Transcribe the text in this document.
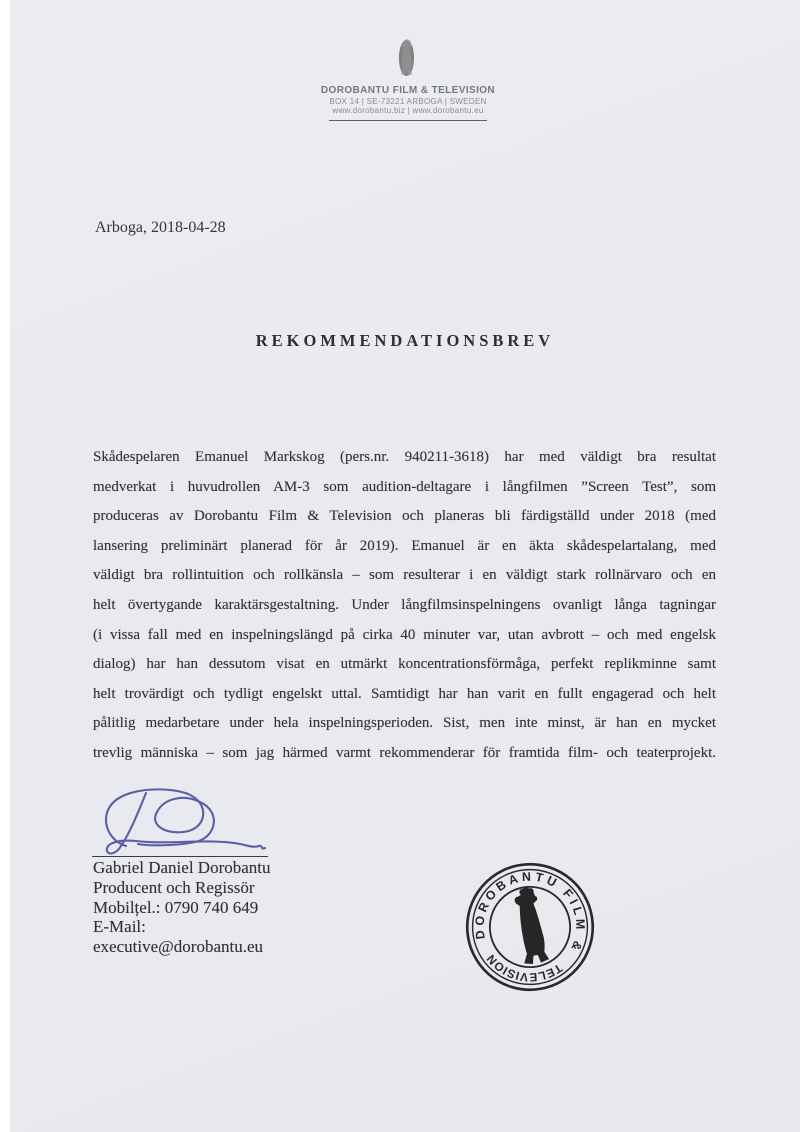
DOROBANTU FILM & TELEVISION
BOX 14 | SE-73221 ARBOGA | SWEDEN
www.dorobantu.biz | www.dorobantu.eu
Arboga, 2018-04-28
REKOMMENDATIONSBREV
Skådespelaren Emanuel Markskog (pers.nr. 940211-3618) har med väldigt bra resultat
medverkat i huvudrollen AM-3 som audition-deltagare i långfilmen ”Screen Test”, som
produceras av Dorobantu Film & Television och planeras bli färdigställd under 2018 (med
lansering preliminärt planerad för år 2019). Emanuel är en äkta skådespelartalang, med
väldigt bra rollintuition och rollkänsla – som resulterar i en väldigt stark rollnärvaro och en
helt övertygande karaktärsgestaltning. Under långfilmsinspelningens ovanligt långa tagningar
(i vissa fall med en inspelningslängd på cirka 40 minuter var, utan avbrott – och med engelsk
dialog) har han dessutom visat en utmärkt koncentrationsförmåga, perfekt replikminne samt
helt trovärdigt och tydligt engelskt uttal. Samtidigt har han varit en fullt engagerad och helt
pålitlig medarbetare under hela inspelningsperioden. Sist, men inte minst, är han en mycket
trevlig människa – som jag härmed varmt rekommenderar för framtida film- och teaterprojekt.
Gabriel Daniel Dorobantu
Producent och Regissör
Mobilțel.: 0790 740 649
E-Mail:
executive@dorobantu.eu
DOROBANTU FILM &
TELEVISION
